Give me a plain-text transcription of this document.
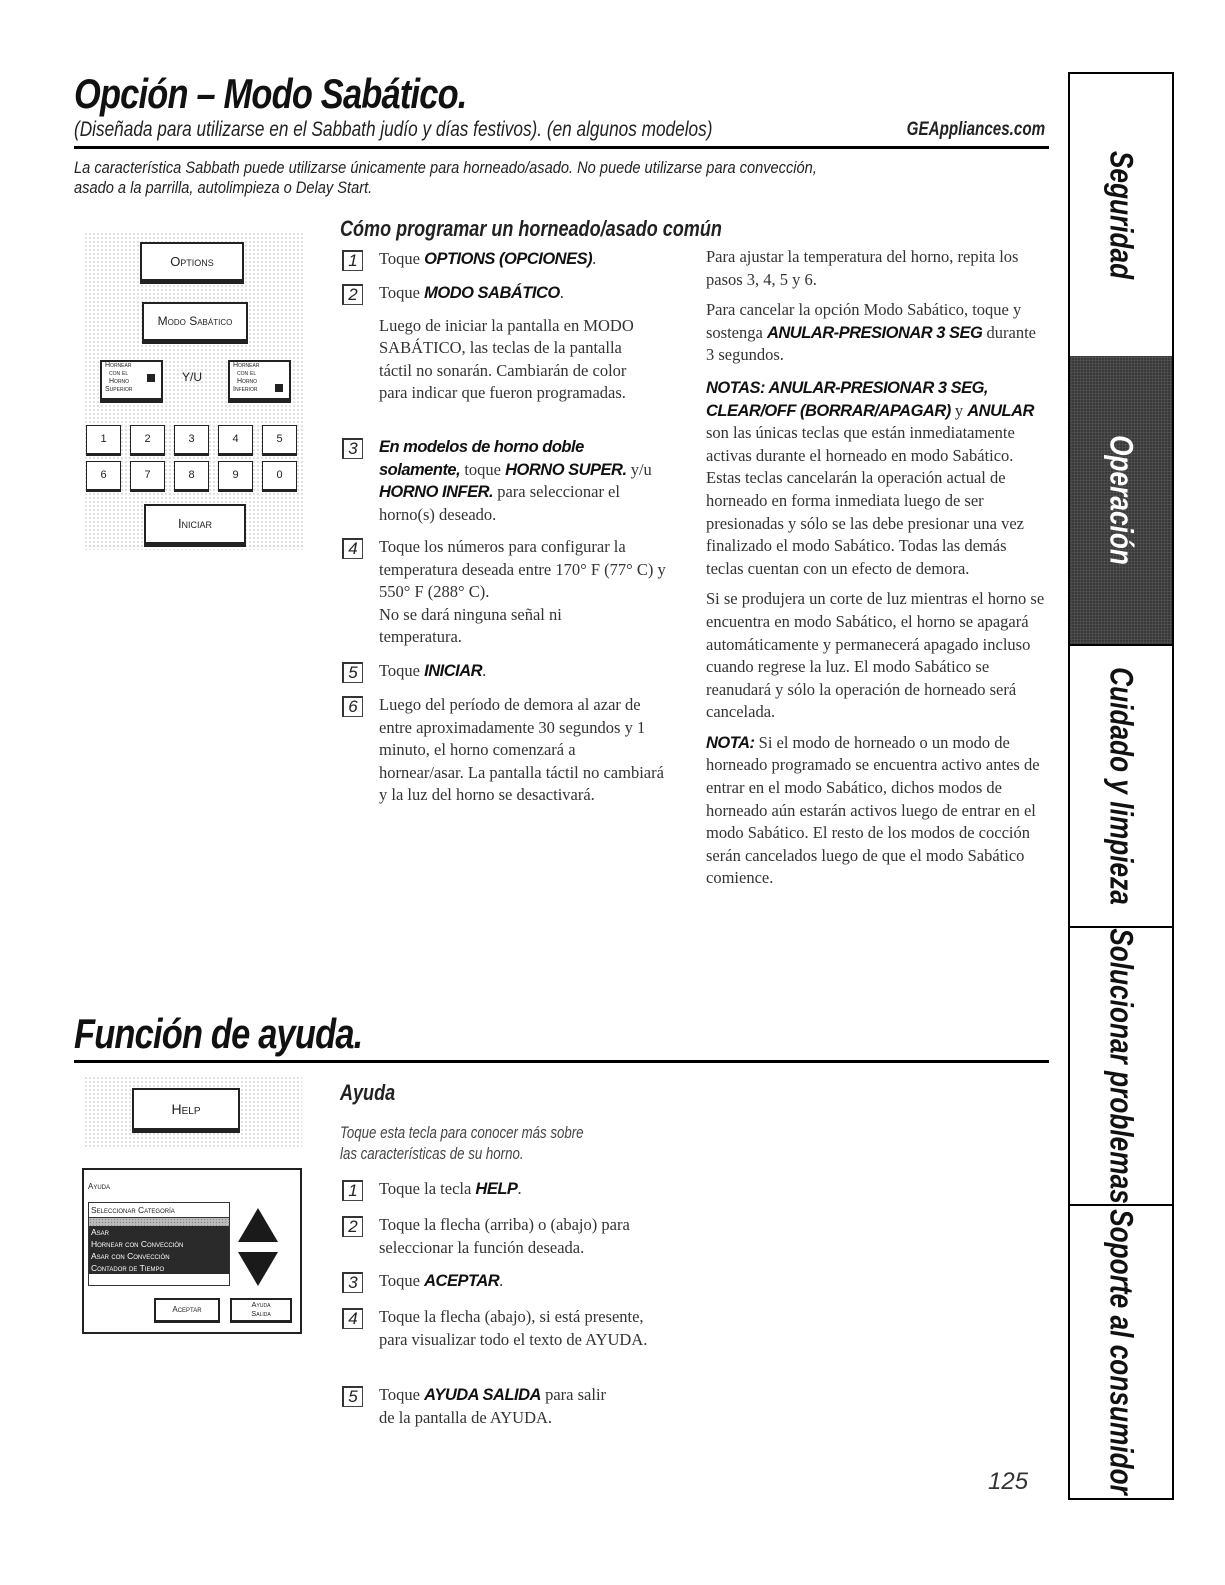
Opción – Modo Sabático.
(Diseñada para utilizarse en el Sabbath judío y días festivos). (en algunos modelos)	GEAppliances.com
La característica Sabbath puede utilizarse únicamente para horneado/asado. No puede utilizarse para convección,
asado a la parrilla, autolimpieza o Delay Start.
Options
Modo Sabático
Hornear
con el
Horno
Superior
Y/U
Hornear
con el
Horno
Inferior
1	2	3	4	5
6	7	8	9	0
Iniciar
Cómo programar un horneado/asado común
1	Toque OPTIONS (OPCIONES).

2	Toque MODO SABÁTICO.

Luego de iniciar la pantalla en MODO SABÁTICO, las teclas de la pantalla táctil no sonarán. Cambiarán de color para indicar que fueron programadas.

3	En modelos de horno doble solamente, toque HORNO SUPER. y/u HORNO INFER. para seleccionar el horno(s) deseado.

4	Toque los números para configurar la temperatura deseada entre 170° F (77° C) y 550° F (288° C).

No se dará ninguna señal ni temperatura.

5	Toque INICIAR.

6	Luego del período de demora al azar de entre aproximadamente 30 segundos y 1 minuto, el horno comenzará a hornear/asar. La pantalla táctil no cambiará y la luz del horno se desactivará.

Para ajustar la temperatura del horno, repita los pasos 3, 4, 5 y 6.

Para cancelar la opción Modo Sabático, toque y sostenga ANULAR-PRESIONAR 3 SEG durante 3 segundos.

NOTAS: ANULAR-PRESIONAR 3 SEG, CLEAR/OFF (BORRAR/APAGAR) y ANULAR son las únicas teclas que están inmediatamente activas durante el horneado en modo Sabático. Estas teclas cancelarán la operación actual de horneado en forma inmediata luego de ser presionadas y sólo se las debe presionar una vez finalizado el modo Sabático. Todas las demás teclas cuentan con un efecto de demora.

Si se produjera un corte de luz mientras el horno se encuentra en modo Sabático, el horno se apagará automáticamente y permanecerá apagado incluso cuando regrese la luz. El modo Sabático se reanudará y sólo la operación de horneado será cancelada.

NOTA: Si el modo de horneado o un modo de horneado programado se encuentra activo antes de entrar en el modo Sabático, dichos modos de horneado aún estarán activos luego de entrar en el modo Sabático. El resto de los modos de cocción serán cancelados luego de que el modo Sabático comience.

Función de ayuda.
Help
Ayuda
Seleccionar Categoría
Asar
Hornear con Convección
Asar con Convección
Contador de Tiempo
Aceptar
Ayuda
Salida
Ayuda
Toque esta tecla para conocer más sobre
las características de su horno.
1	Toque la tecla HELP.

2	Toque la flecha (arriba) o (abajo) para seleccionar la función deseada.

3	Toque ACEPTAR.

4	Toque la flecha (abajo), si está presente, para visualizar todo el texto de AYUDA.

5	Toque AYUDA SALIDA para salir de la pantalla de AYUDA.

125
Seguridad
Operación
Cuidado y limpieza
Solucionar problemas
Soporte al consumidor
